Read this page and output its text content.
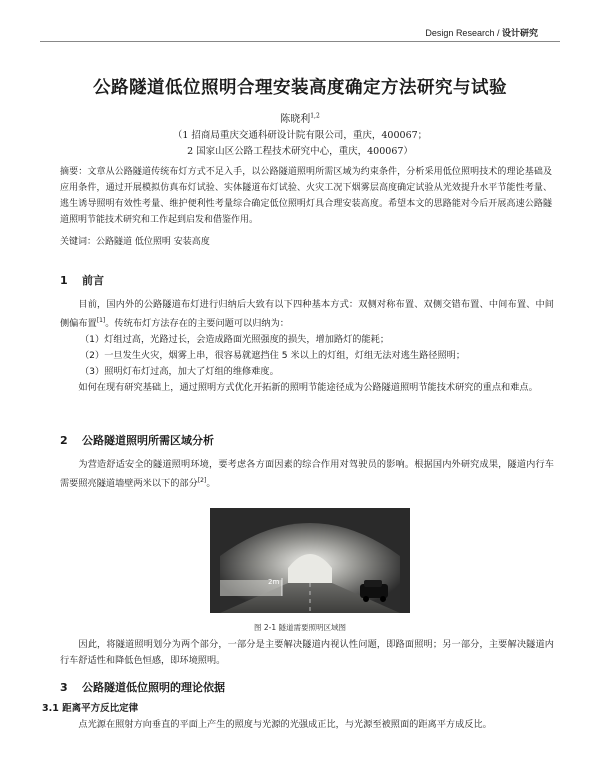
Design Research / 设计研究
公路隧道低位照明合理安装高度确定方法研究与试验
陈晓利$^{1,2}$
（1 招商局重庆交通科研设计院有限公司，重庆，400067；
2 国家山区公路工程技术研究中心，重庆，400067）
摘要：文章从公路隧道传统布灯方式不足入手，以公路隧道照明所需区域为约束条件，分析采用低位照明技术的理论基础及应用条件，通过开展模拟仿真布灯试验、实体隧道布灯试验、火灾工况下烟雾层高度确定试验从光效提升水平节能性考量、逃生诱导照明有效性考量、维护便利性考量综合确定低位照明灯具合理安装高度。希望本文的思路能对今后开展高速公路隧道照明节能技术研究和工作起到启发和借鉴作用。
关键词：公路隧道 低位照明 安装高度
1 前言

目前，国内外的公路隧道布灯进行归纳后大致有以下四种基本方式：双侧对称布置、双侧交错布置、中间布置、中间侧偏布置[1]。传统布灯方法存在的主要问题可以归纳为：

（1）灯组过高，光路过长，会造成路面光照强度的损失，增加路灯的能耗；

（2）一旦发生火灾，烟雾上串，很容易就遮挡住 5 米以上的灯组，灯组无法对逃生路径照明；

（3）照明灯布灯过高，加大了灯组的维修难度。

如何在现有研究基础上，通过照明方式优化开拓新的照明节能途径成为公路隧道照明节能技术研究的重点和难点。

2 公路隧道照明所需区域分析

为营造舒适安全的隧道照明环境，要考虑各方面因素的综合作用对驾驶员的影响。根据国内外研究成果，隧道内行车需要照亮隧道墙壁两米以下的部分[2]。

2m
图 2-1 隧道需要照明区域图

因此，将隧道照明划分为两个部分，一部分是主要解决隧道内视认性问题，即路面照明；另一部分，主要解决隧道内行车舒适性和降低色恒感，即环境照明。

3 公路隧道低位照明的理论依据
3.1 距离平方反比定律

点光源在照射方向垂直的平面上产生的照度与光源的光强成正比，与光源至被照面的距离平方成反比。
